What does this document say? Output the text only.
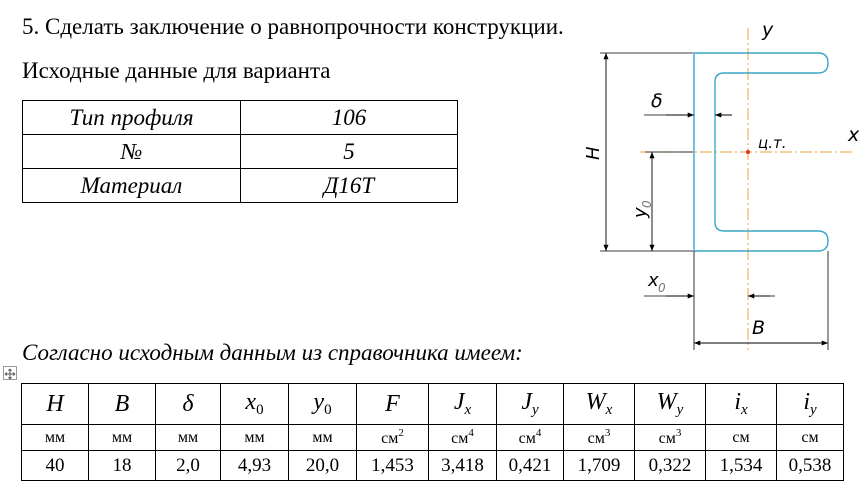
5. Сделать заключение о равнопрочности конструкции.
Исходные данные для варианта
Тип профиля	106
№	5
Материал	Д16Т
Согласно исходным данным из справочника имеем:
H	B	δ	$x_0$	$y_0$	F	$J_x$	$J_y$	$W_x$	$W_y$	$i_x$	$i_y$
мм	мм	мм	мм	мм	$см^2$	$см^4$	$см^4$	$см^3$	$см^3$	см	см
40	18	2,0	4,93	20,0	1,453	3,418	0,421	1,709	0,322	1,534	0,538
y
x
ц.т.
δ
H
y
0
x 0
B
